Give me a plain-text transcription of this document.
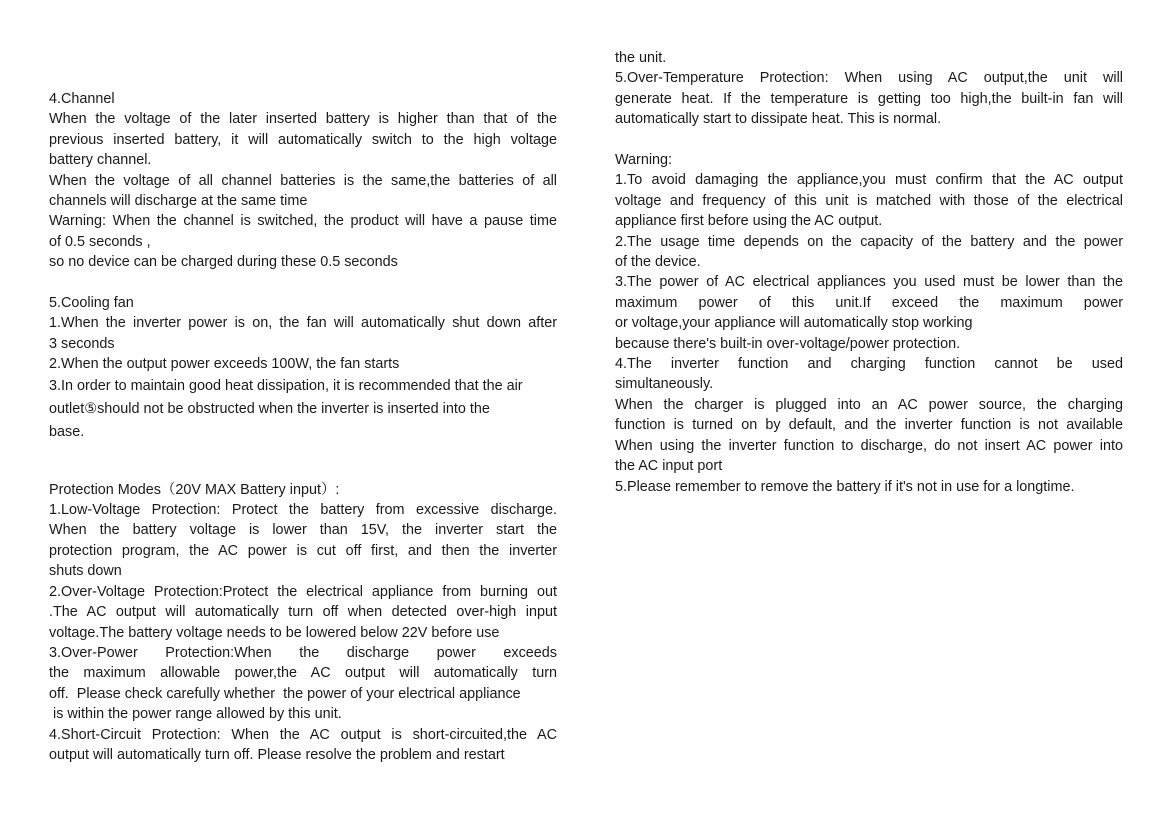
4.Channel
When the voltage of the later inserted battery is higher than that of the
previous inserted battery, it will automatically switch to the high voltage
battery channel.
When the voltage of all channel batteries is the same,the batteries of all
channels will discharge at the same time
Warning: When the channel is switched, the product will have a pause time
of 0.5 seconds ,
so no device can be charged during these 0.5 seconds
5.Cooling fan
1.When the inverter power is on, the fan will automatically shut down after
3 seconds
2.When the output power exceeds 100W, the fan starts
3.In order to maintain good heat dissipation, it is recommended that the air
outlet⑤should not be obstructed when the inverter is inserted into the
base.
Protection Modes（20V MAX Battery input）:
1.Low-Voltage Protection: Protect the battery from excessive discharge.
When the battery voltage is lower than 15V, the inverter start the
protection program, the AC power is cut off first, and then the inverter
shuts down
2.Over-Voltage Protection:Protect the electrical appliance from burning out
.The AC output will automatically turn off when detected over-high input
voltage.The battery voltage needs to be lowered below 22V before use
3.Over-Power Protection:When the discharge power exceeds
the maximum allowable power,the AC output will automatically turn
off.  Please check carefully whether  the power of your electrical appliance
is within the power range allowed by this unit.
4.Short-Circuit Protection: When the AC output is short-circuited,the AC
output will automatically turn off. Please resolve the problem and restart
the unit.
5.Over-Temperature Protection: When using AC output,the unit will
generate heat. If the temperature is getting too high,the built-in fan will
automatically start to dissipate heat. This is normal.
Warning:
1.To avoid damaging the appliance,you must confirm that the AC output
voltage and frequency of this unit is matched with those of the electrical
appliance first before using the AC output.
2.The usage time depends on the capacity of the battery and the power
of the device.
3.The power of AC electrical appliances you used must be lower than the
maximum power of this unit.If exceed the maximum power
or voltage,your appliance will automatically stop working
because there's built-in over-voltage/power protection.
4.The inverter function and charging function cannot be used
simultaneously.
When the charger is plugged into an AC power source, the charging
function is turned on by default, and the inverter function is not available
When using the inverter function to discharge, do not insert AC power into
the AC input port
5.Please remember to remove the battery if it's not in use for a longtime.
